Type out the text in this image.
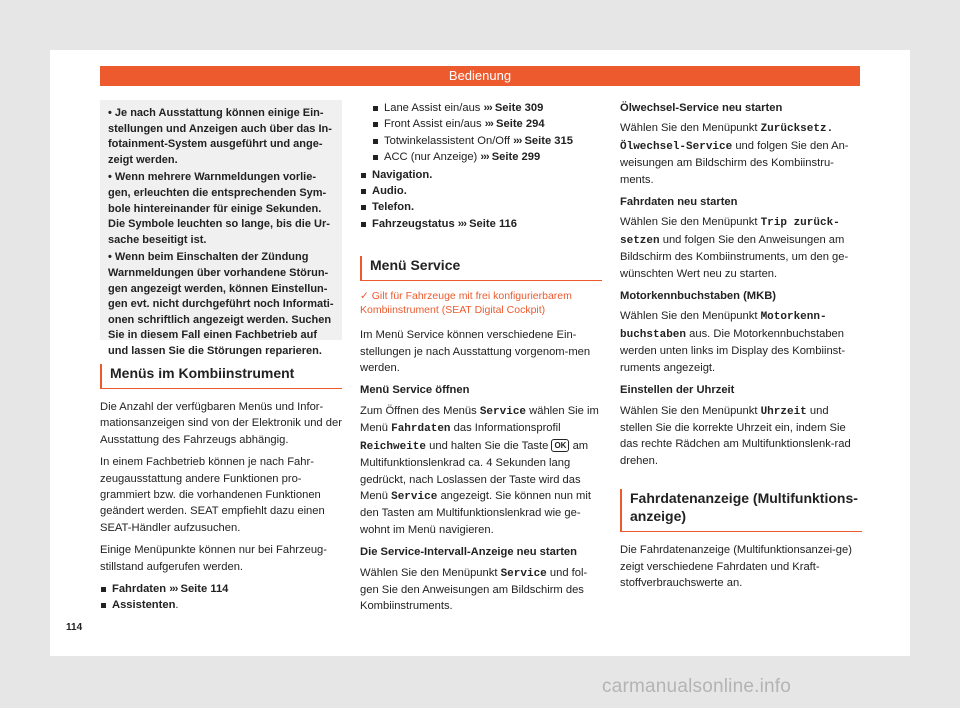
Bedienung

• Je nach Ausstattung können einige Ein-stellungen und Anzeigen auch über das In-fotainment-System ausgeführt und ange-zeigt werden.

• Wenn mehrere Warnmeldungen vorlie-gen, erleuchten die entsprechenden Sym-bole hintereinander für einige Sekunden. Die Symbole leuchten so lange, bis die Ur-sache beseitigt ist.

• Wenn beim Einschalten der Zündung Warnmeldungen über vorhandene Störun-gen angezeigt werden, können Einstellun-gen evt. nicht durchgeführt noch Informati-onen schriftlich angezeigt werden. Suchen Sie in diesem Fall einen Fachbetrieb auf und lassen Sie die Störungen reparieren.

Menüs im Kombiinstrument

Die Anzahl der verfügbaren Menüs und Infor-mationsanzeigen sind von der Elektronik und der Ausstattung des Fahrzeugs abhängig.

In einem Fachbetrieb können je nach Fahr-zeugausstattung andere Funktionen pro-grammiert bzw. die vorhandenen Funktionen geändert werden. SEAT empfiehlt dazu einen SEAT-Händler aufzusuchen.

Einige Menüpunkte können nur bei Fahrzeug-stillstand aufgerufen werden.

Fahrdaten ››› Seite 114
Assistenten.
Lane Assist ein/aus ››› Seite 309
Front Assist ein/aus ››› Seite 294
Totwinkelassistent On/Off ››› Seite 315
ACC (nur Anzeige) ››› Seite 299
Navigation.
Audio.
Telefon.
Fahrzeugstatus ››› Seite 116
Menü Service
✓ Gilt für Fahrzeuge mit frei konfigurierbarem Kombiinstrument (SEAT Digital Cockpit)

Im Menü Service können verschiedene Ein-stellungen je nach Ausstattung vorgenom-men werden.

Menü Service öffnen

Zum Öffnen des Menüs Service wählen Sie im Menü Fahrdaten das Informationsprofil Reichweite und halten Sie die Taste OK am Multifunktionslenkrad ca. 4 Sekunden lang gedrückt, nach Loslassen der Taste wird das Menü Service angezeigt. Sie können nun mit den Tasten am Multifunktionslenkrad wie ge-wohnt im Menü navigieren.

Die Service-Intervall-Anzeige neu starten

Wählen Sie den Menüpunkt Service und fol-gen Sie den Anweisungen am Bildschirm des Kombiinstruments.

Ölwechsel-Service neu starten

Wählen Sie den Menüpunkt Zurücksetz. Ölwechsel-Service und folgen Sie den An-weisungen am Bildschirm des Kombiinstru-ments.

Fahrdaten neu starten

Wählen Sie den Menüpunkt Trip zurück-setzen und folgen Sie den Anweisungen am Bildschirm des Kombiinstruments, um den ge-wünschten Wert neu zu starten.

Motorkennbuchstaben (MKB)

Wählen Sie den Menüpunkt Motorkenn-buchstaben aus. Die Motorkennbuchstaben werden unten links im Display des Kombiinst-ruments angezeigt.

Einstellen der Uhrzeit

Wählen Sie den Menüpunkt Uhrzeit und stellen Sie die korrekte Uhrzeit ein, indem Sie das rechte Rädchen am Multifunktionslenk-rad drehen.

Fahrdatenanzeige (Multifunktions-anzeige)

Die Fahrdatenanzeige (Multifunktionsanzei-ge) zeigt verschiedene Fahrdaten und Kraft-stoffverbrauchswerte an.

114
carmanualsonline.info
